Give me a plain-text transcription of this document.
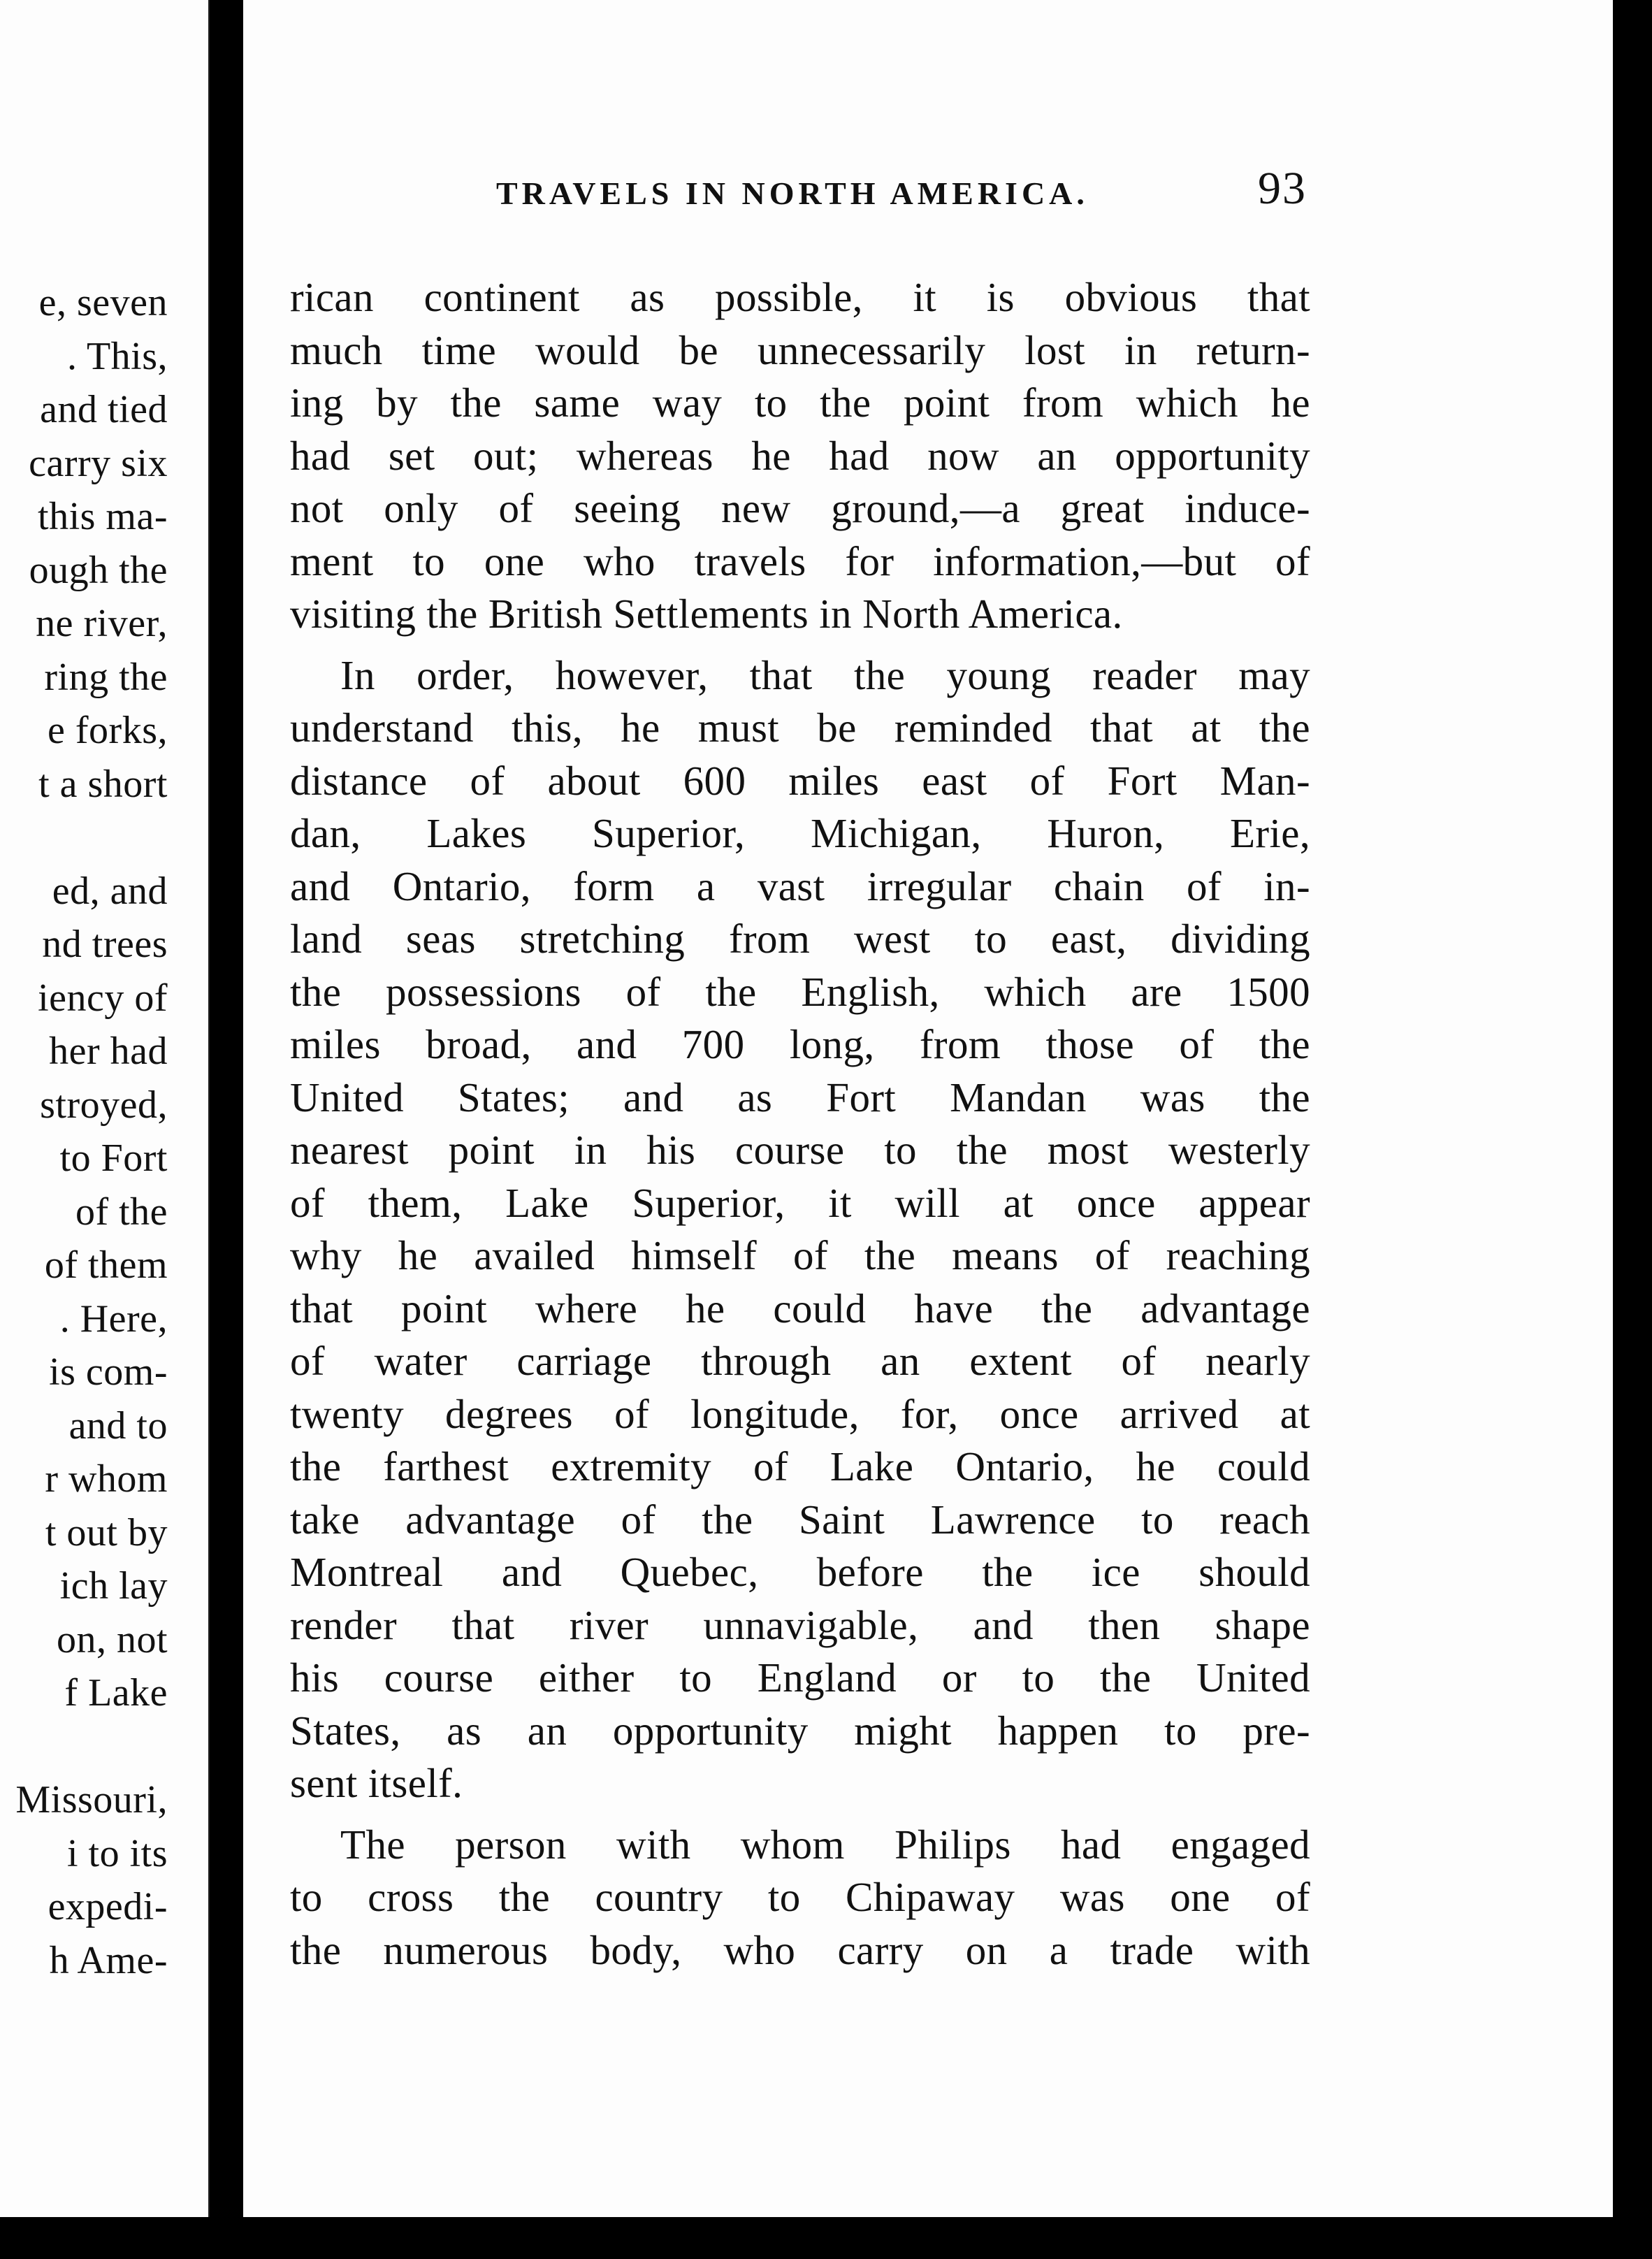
e, seven
. This,
and tied
carry six
this ma-
ough the
ne river,
ring the
e forks,
t a short
ed, and
nd trees
iency of
her had
stroyed,
to Fort
of the
of them
. Here,
is com-
and to
r whom
t out by
ich lay
on, not
f Lake
Missouri,
i to its
expedi-
h Ame-
TRAVELS IN NORTH AMERICA.	93
rican continent as possible, it is obvious that
much time would be unnecessarily lost in return-
ing by the same way to the point from which he
had set out; whereas he had now an opportunity
not only of seeing new ground,—a great induce-
ment to one who travels for information,—but of
visiting the British Settlements in North America.
In order, however, that the young reader may
understand this, he must be reminded that at the
distance of about 600 miles east of Fort Man-
dan, Lakes Superior, Michigan, Huron, Erie,
and Ontario, form a vast irregular chain of in-
land seas stretching from west to east, dividing
the possessions of the English, which are 1500
miles broad, and 700 long, from those of the
United States; and as Fort Mandan was the
nearest point in his course to the most westerly
of them, Lake Superior, it will at once appear
why he availed himself of the means of reaching
that point where he could have the advantage
of water carriage through an extent of nearly
twenty degrees of longitude, for, once arrived at
the farthest extremity of Lake Ontario, he could
take advantage of the Saint Lawrence to reach
Montreal and Quebec, before the ice should
render that river unnavigable, and then shape
his course either to England or to the United
States, as an opportunity might happen to pre-
sent itself.
The person with whom Philips had engaged
to cross the country to Chipaway was one of
the numerous body, who carry on a trade with
